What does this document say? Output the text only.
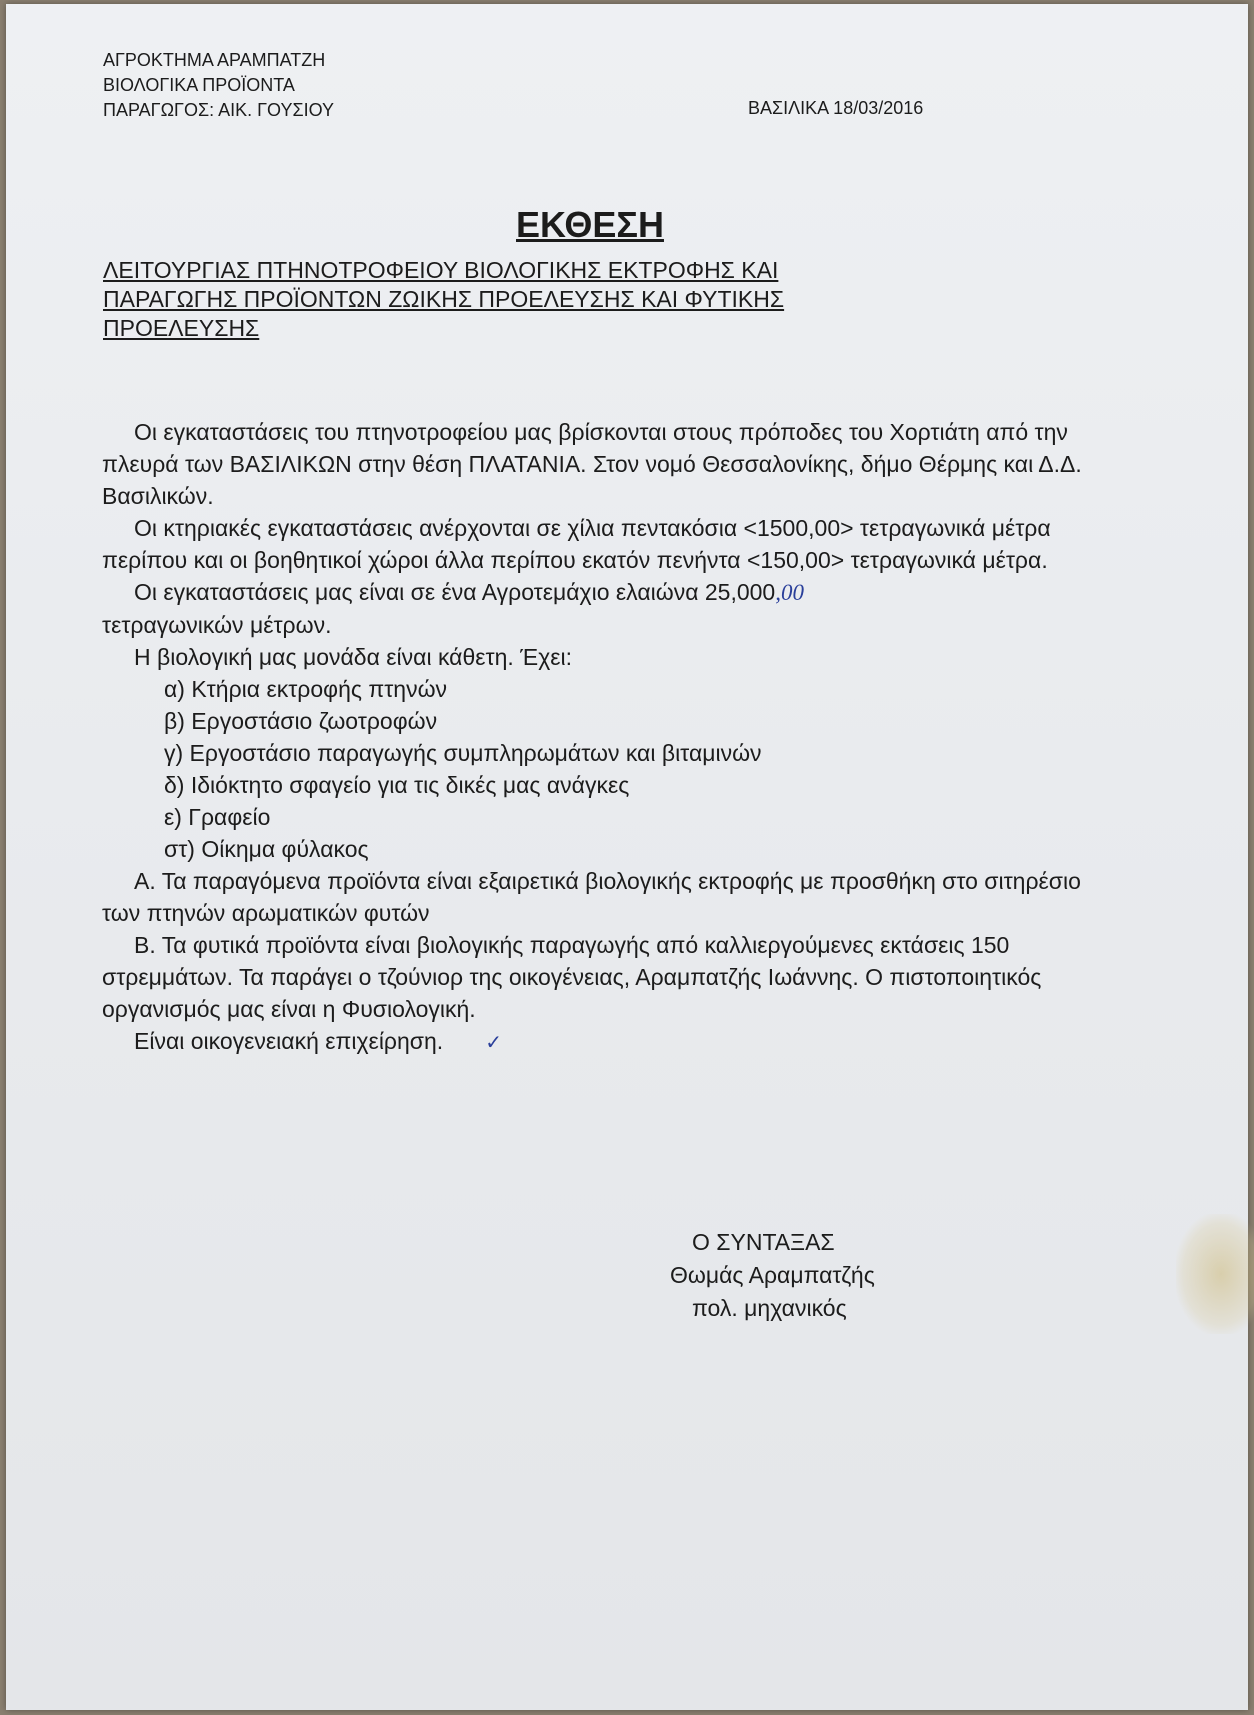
ΑΓΡΟΚΤΗΜΑ ΑΡΑΜΠΑΤΖΗ
ΒΙΟΛΟΓΙΚΑ ΠΡΟΪΟΝΤΑ
ΠΑΡΑΓΩΓΟΣ: ΑΙΚ. ΓΟΥΣΙΟΥ	ΒΑΣΙΛΙΚΑ 18/03/2016
ΕΚΘΕΣΗ
ΛΕΙΤΟΥΡΓΙΑΣ ΠΤΗΝΟΤΡΟΦΕΙΟΥ ΒΙΟΛΟΓΙΚΗΣ ΕΚΤΡΟΦΗΣ ΚΑΙ
ΠΑΡΑΓΩΓΗΣ ΠΡΟΪΟΝΤΩΝ ΖΩΙΚΗΣ ΠΡΟΕΛΕΥΣΗΣ ΚΑΙ ΦΥΤΙΚΗΣ
ΠΡΟΕΛΕΥΣΗΣ

Οι εγκαταστάσεις του πτηνοτροφείου μας βρίσκονται στους πρόποδες του Χορτιάτη από την πλευρά των ΒΑΣΙΛΙΚΩΝ στην θέση ΠΛΑΤΑΝΙΑ. Στον νομό Θεσσαλονίκης, δήμο Θέρμης και Δ.Δ. Βασιλικών.

Οι κτηριακές εγκαταστάσεις ανέρχονται σε χίλια πεντακόσια <1500,00> τετραγωνικά μέτρα περίπου και οι βοηθητικοί χώροι άλλα περίπου εκατόν πενήντα <150,00> τετραγωνικά μέτρα.

Οι εγκαταστάσεις μας είναι σε ένα Αγροτεμάχιο ελαιώνα 25,000,00
τετραγωνικών μέτρων.

Η βιολογική μας μονάδα είναι κάθετη. Έχει:

α) Κτήρια εκτροφής πτηνών
β) Εργοστάσιο ζωοτροφών
γ) Εργοστάσιο παραγωγής συμπληρωμάτων και βιταμινών
δ) Ιδιόκτητο σφαγείο για τις δικές μας ανάγκες
ε) Γραφείο
στ) Οίκημα φύλακος

Α. Τα παραγόμενα προϊόντα είναι εξαιρετικά βιολογικής εκτροφής με προσθήκη στο σιτηρέσιο των πτηνών αρωματικών φυτών

Β. Τα φυτικά προϊόντα είναι βιολογικής παραγωγής από καλλιεργούμενες εκτάσεις 150 στρεμμάτων. Τα παράγει ο τζούνιορ της οικογένειας, Αραμπατζής Ιωάννης. Ο πιστοποιητικός οργανισμός μας είναι η Φυσιολογική.

Είναι οικογενειακή επιχείρηση. ✓

Ο ΣΥΝΤΑΞΑΣ
Θωμάς Αραμπατζής
πολ. μηχανικός
